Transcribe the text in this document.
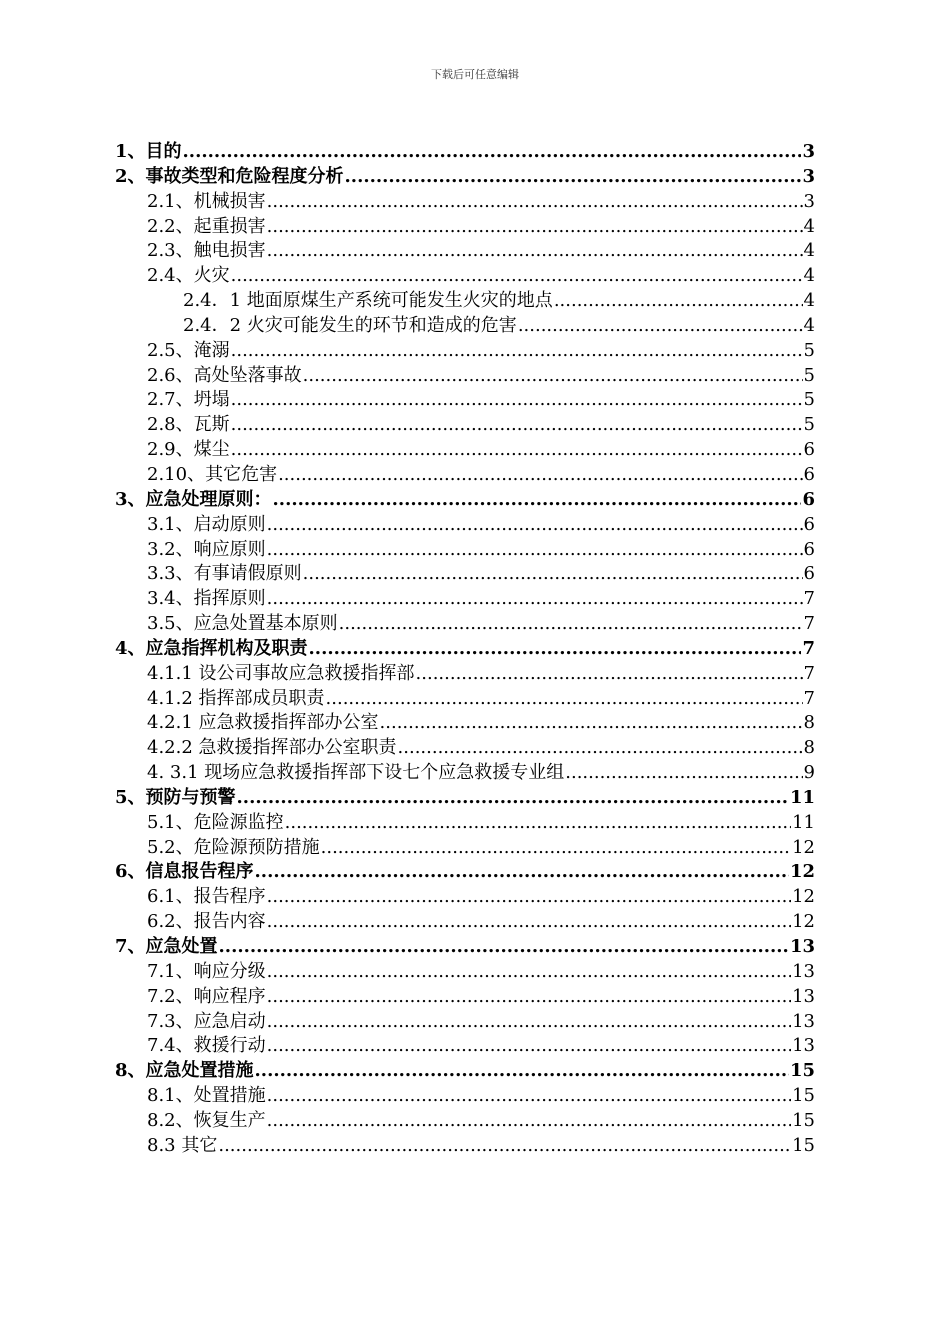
下载后可任意编辑
1、目的 .....	3
2、事故类型和危险程度分析 .....	3
2.1、机械损害 .....	3
2.2、起重损害 .....	4
2.3、触电损害 .....	4
2.4、火灾 .....	4
2.4．1 地面原煤生产系统可能发生火灾的地点 .....	4
2.4．2 火灾可能发生的环节和造成的危害 .....	4
2.5、淹溺 .....	5
2.6、高处坠落事故 .....	5
2.7、坍塌 .....	5
2.8、瓦斯 .....	5
2.9、煤尘 .....	6
2.10、其它危害 .....	6
3、应急处理原则： .....	6
3.1、启动原则 .....	6
3.2、响应原则 .....	6
3.3、有事请假原则 .....	6
3.4、指挥原则 .....	7
3.5、应急处置基本原则 .....	7
4、应急指挥机构及职责 .....	7
4.1.1 设公司事故应急救援指挥部 .....	7
4.1.2 指挥部成员职责 .....	7
4.2.1 应急救援指挥部办公室 .....	8
4.2.2 急救援指挥部办公室职责 .....	8
4. 3.1 现场应急救援指挥部下设七个应急救援专业组 .....	9
5、预防与预警 .....	11
5.1、危险源监控 .....	11
5.2、危险源预防措施 .....	12
6、信息报告程序 .....	12
6.1、报告程序 .....	12
6.2、报告内容 .....	12
7、应急处置 .....	13
7.1、响应分级 .....	13
7.2、响应程序 .....	13
7.3、应急启动 .....	13
7.4、救援行动 .....	13
8、应急处置措施 .....	15
8.1、处置措施 .....	15
8.2、恢复生产 .....	15
8.3 其它 .....	15
